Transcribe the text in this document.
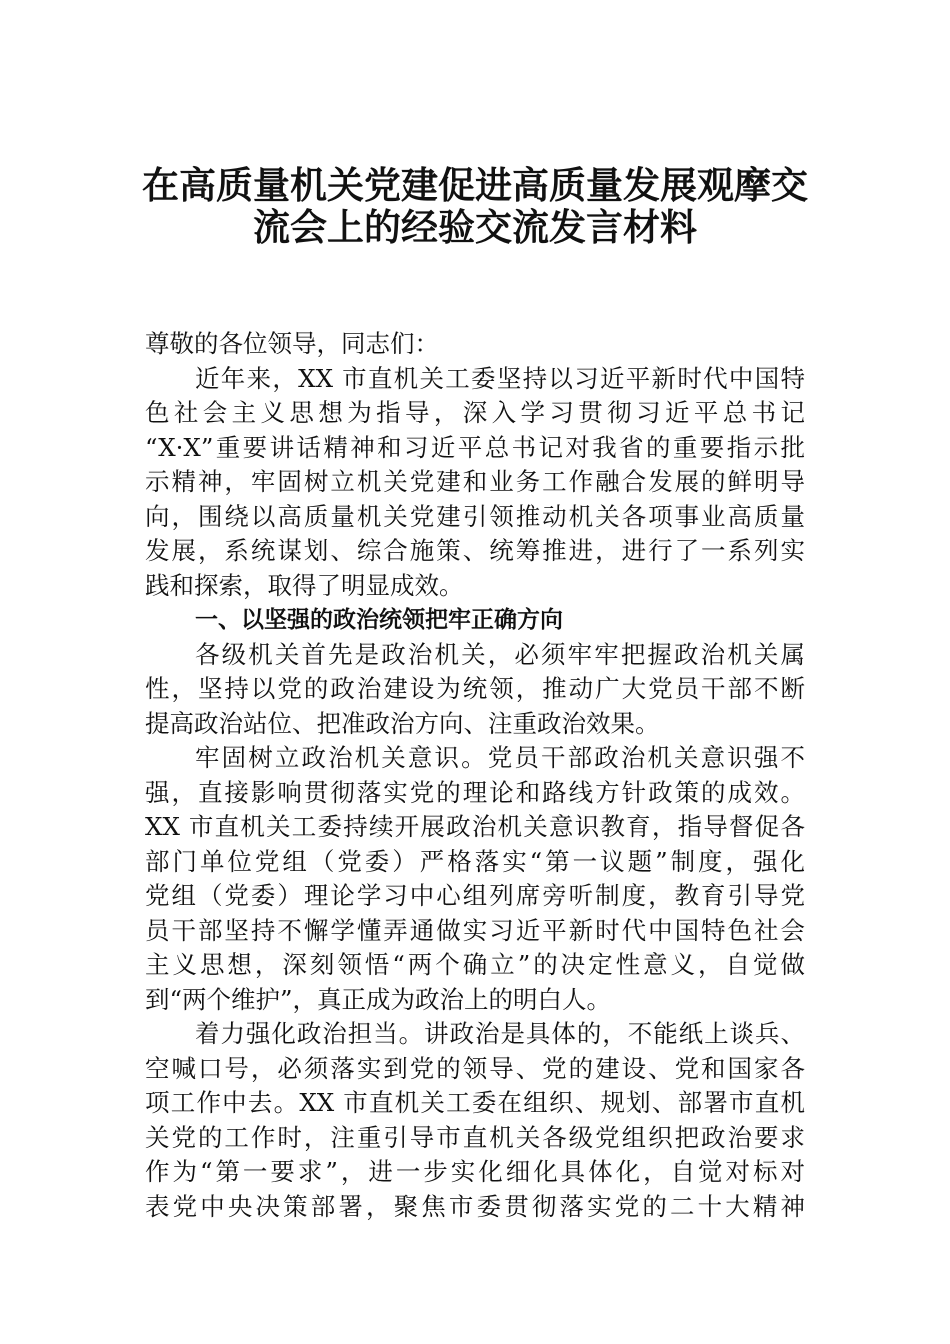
在高质量机关党建促进高质量发展观摩交
流会上的经验交流发言材料
尊敬的各位领导，同志们：
近年来，XX 市直机关工委坚持以习近平新时代中国特
色社会主义思想为指导，深入学习贯彻习近平总书记
“X·X”重要讲话精神和习近平总书记对我省的重要指示批
示精神，牢固树立机关党建和业务工作融合发展的鲜明导
向，围绕以高质量机关党建引领推动机关各项事业高质量
发展，系统谋划、综合施策、统筹推进，进行了一系列实
践和探索，取得了明显成效。
一、以坚强的政治统领把牢正确方向
各级机关首先是政治机关，必须牢牢把握政治机关属
性，坚持以党的政治建设为统领，推动广大党员干部不断
提高政治站位、把准政治方向、注重政治效果。
牢固树立政治机关意识。党员干部政治机关意识强不
强，直接影响贯彻落实党的理论和路线方针政策的成效。
XX 市直机关工委持续开展政治机关意识教育，指导督促各
部门单位党组（党委）严格落实“第一议题”制度，强化
党组（党委）理论学习中心组列席旁听制度，教育引导党
员干部坚持不懈学懂弄通做实习近平新时代中国特色社会
主义思想，深刻领悟“两个确立”的决定性意义，自觉做
到“两个维护”，真正成为政治上的明白人。
着力强化政治担当。讲政治是具体的，不能纸上谈兵、
空喊口号，必须落实到党的领导、党的建设、党和国家各
项工作中去。XX 市直机关工委在组织、规划、部署市直机
关党的工作时，注重引导市直机关各级党组织把政治要求
作为“第一要求”，进一步实化细化具体化，自觉对标对
表党中央决策部署，聚焦市委贯彻落实党的二十大精神
